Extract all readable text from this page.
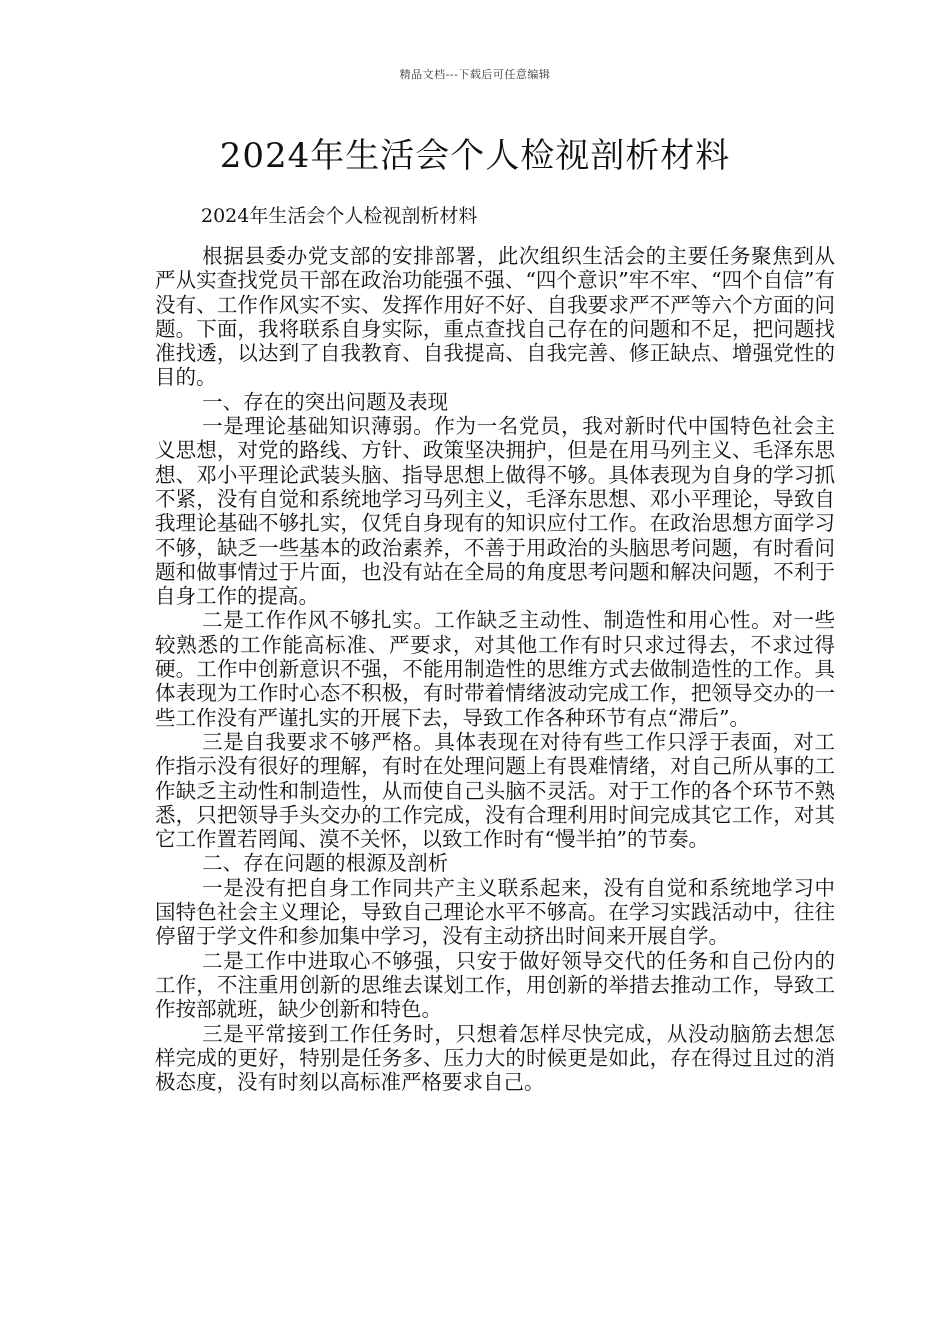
精品文档---下载后可任意编辑
2024年生活会个人检视剖析材料
2024年生活会个人检视剖析材料

根据县委办党支部的安排部署，此次组织生活会的主要任务聚焦到从严从实查找党员干部在政治功能强不强、“四个意识”牢不牢、“四个自信”有没有、工作作风实不实、发挥作用好不好、自我要求严不严等六个方面的问题。下面，我将联系自身实际，重点查找自己存在的问题和不足，把问题找准找透，以达到了自我教育、自我提高、自我完善、修正缺点、增强党性的目的。

一、存在的突出问题及表现

一是理论基础知识薄弱。作为一名党员，我对新时代中国特色社会主义思想，对党的路线、方针、政策坚决拥护，但是在用马列主义、毛泽东思想、邓小平理论武装头脑、指导思想上做得不够。具体表现为自身的学习抓不紧，没有自觉和系统地学习马列主义，毛泽东思想、邓小平理论，导致自我理论基础不够扎实，仅凭自身现有的知识应付工作。在政治思想方面学习不够，缺乏一些基本的政治素养，不善于用政治的头脑思考问题，有时看问题和做事情过于片面，也没有站在全局的角度思考问题和解决问题，不利于自身工作的提高。

二是工作作风不够扎实。工作缺乏主动性、制造性和用心性。对一些较熟悉的工作能高标准、严要求，对其他工作有时只求过得去，不求过得硬。工作中创新意识不强，不能用制造性的思维方式去做制造性的工作。具体表现为工作时心态不积极，有时带着情绪波动完成工作，把领导交办的一些工作没有严谨扎实的开展下去，导致工作各种环节有点“滞后”。

三是自我要求不够严格。具体表现在对待有些工作只浮于表面，对工作指示没有很好的理解，有时在处理问题上有畏难情绪，对自己所从事的工作缺乏主动性和制造性，从而使自己头脑不灵活。对于工作的各个环节不熟悉，只把领导手头交办的工作完成，没有合理利用时间完成其它工作，对其它工作置若罔闻、漠不关怀，以致工作时有“慢半拍”的节奏。

二、存在问题的根源及剖析

一是没有把自身工作同共产主义联系起来，没有自觉和系统地学习中国特色社会主义理论，导致自己理论水平不够高。在学习实践活动中，往往停留于学文件和参加集中学习，没有主动挤出时间来开展自学。

二是工作中进取心不够强，只安于做好领导交代的任务和自己份内的工作，不注重用创新的思维去谋划工作，用创新的举措去推动工作，导致工作按部就班，缺少创新和特色。

三是平常接到工作任务时，只想着怎样尽快完成，从没动脑筋去想怎样完成的更好，特别是任务多、压力大的时候更是如此，存在得过且过的消极态度，没有时刻以高标准严格要求自己。
